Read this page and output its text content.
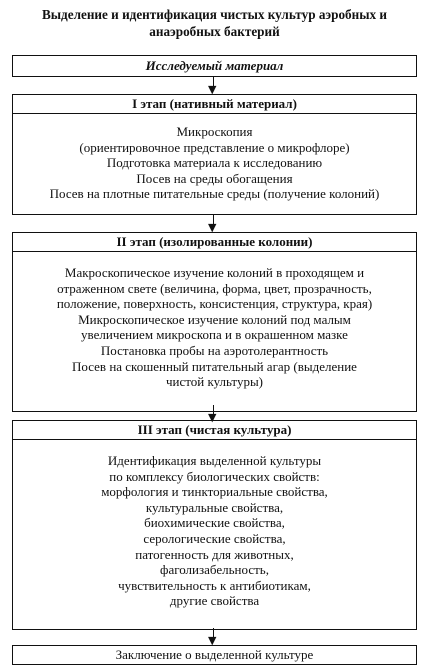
Выделение и идентификация чистых культур аэробных и
анаэробных бактерий
Исследуемый материал
▼
I этап (нативный материал)
Микроскопия
(ориентировочное представление о микрофлоре)
Подготовка материала к исследованию
Посев на среды обогащения
Посев на плотные питательные среды (получение колоний)
▼
II этап (изолированные колонии)
Макроскопическое изучение колоний в проходящем и
отраженном свете (величина, форма, цвет, прозрачность,
положение, поверхность, консистенция, структура, края)
Микроскопическое изучение колоний под малым
увеличением микроскопа и в окрашенном мазке
Постановка пробы на аэротолерантность
Посев на скошенный питательный агар (выделение
чистой культуры)
▼
III этап (чистая культура)
Идентификация выделенной культуры
по комплексу биологических свойств:
морфология и тинкториальные свойства,
культуральные свойства,
биохимические свойства,
серологические свойства,
патогенность для животных,
фаголизабельность,
чувствительность к антибиотикам,
другие свойства
▼
Заключение о выделенной культуре
